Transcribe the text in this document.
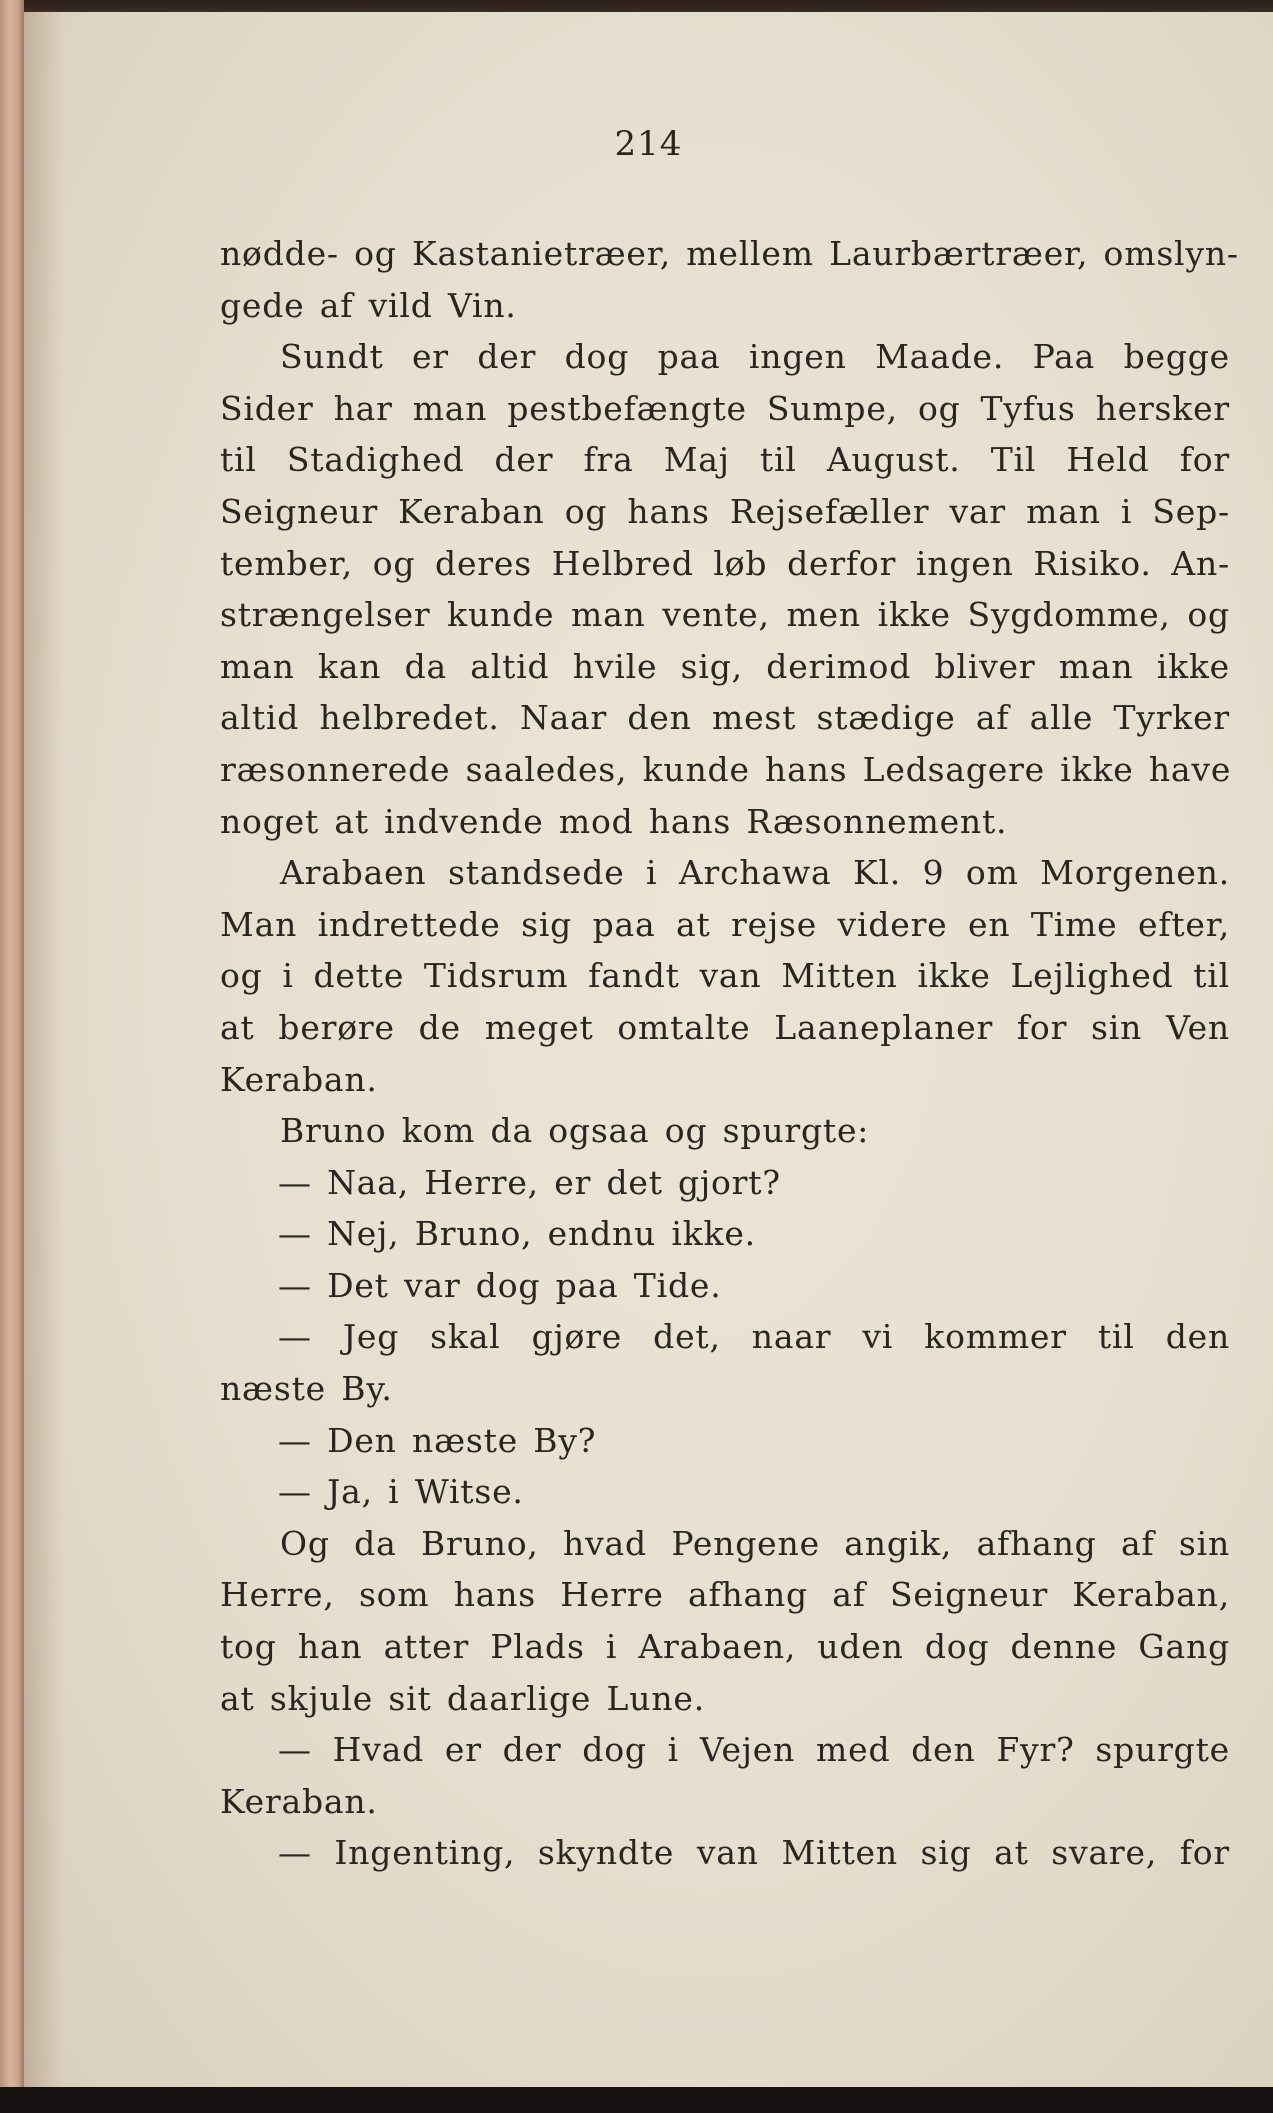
214
nødde- og Kastanietræer, mellem Laurbærtræer, omslyn-
gede af vild Vin.
Sundt er der dog paa ingen Maade. Paa begge
Sider har man pestbefængte Sumpe, og Tyfus hersker
til Stadighed der fra Maj til August. Til Held for
Seigneur Keraban og hans Rejsefæller var man i Sep-
tember, og deres Helbred løb derfor ingen Risiko. An-
strængelser kunde man vente, men ikke Sygdomme, og
man kan da altid hvile sig, derimod bliver man ikke
altid helbredet. Naar den mest stædige af alle Tyrker
ræsonnerede saaledes, kunde hans Ledsagere ikke have
noget at indvende mod hans Ræsonnement.
Arabaen standsede i Archawa Kl. 9 om Morgenen.
Man indrettede sig paa at rejse videre en Time efter,
og i dette Tidsrum fandt van Mitten ikke Lejlighed til
at berøre de meget omtalte Laaneplaner for sin Ven
Keraban.
Bruno kom da ogsaa og spurgte:
— Naa, Herre, er det gjort?
— Nej, Bruno, endnu ikke.
— Det var dog paa Tide.
— Jeg skal gjøre det, naar vi kommer til den
næste By.
— Den næste By?
— Ja, i Witse.
Og da Bruno, hvad Pengene angik, afhang af sin
Herre, som hans Herre afhang af Seigneur Keraban,
tog han atter Plads i Arabaen, uden dog denne Gang
at skjule sit daarlige Lune.
— Hvad er der dog i Vejen med den Fyr? spurgte
Keraban.
— Ingenting, skyndte van Mitten sig at svare, for
